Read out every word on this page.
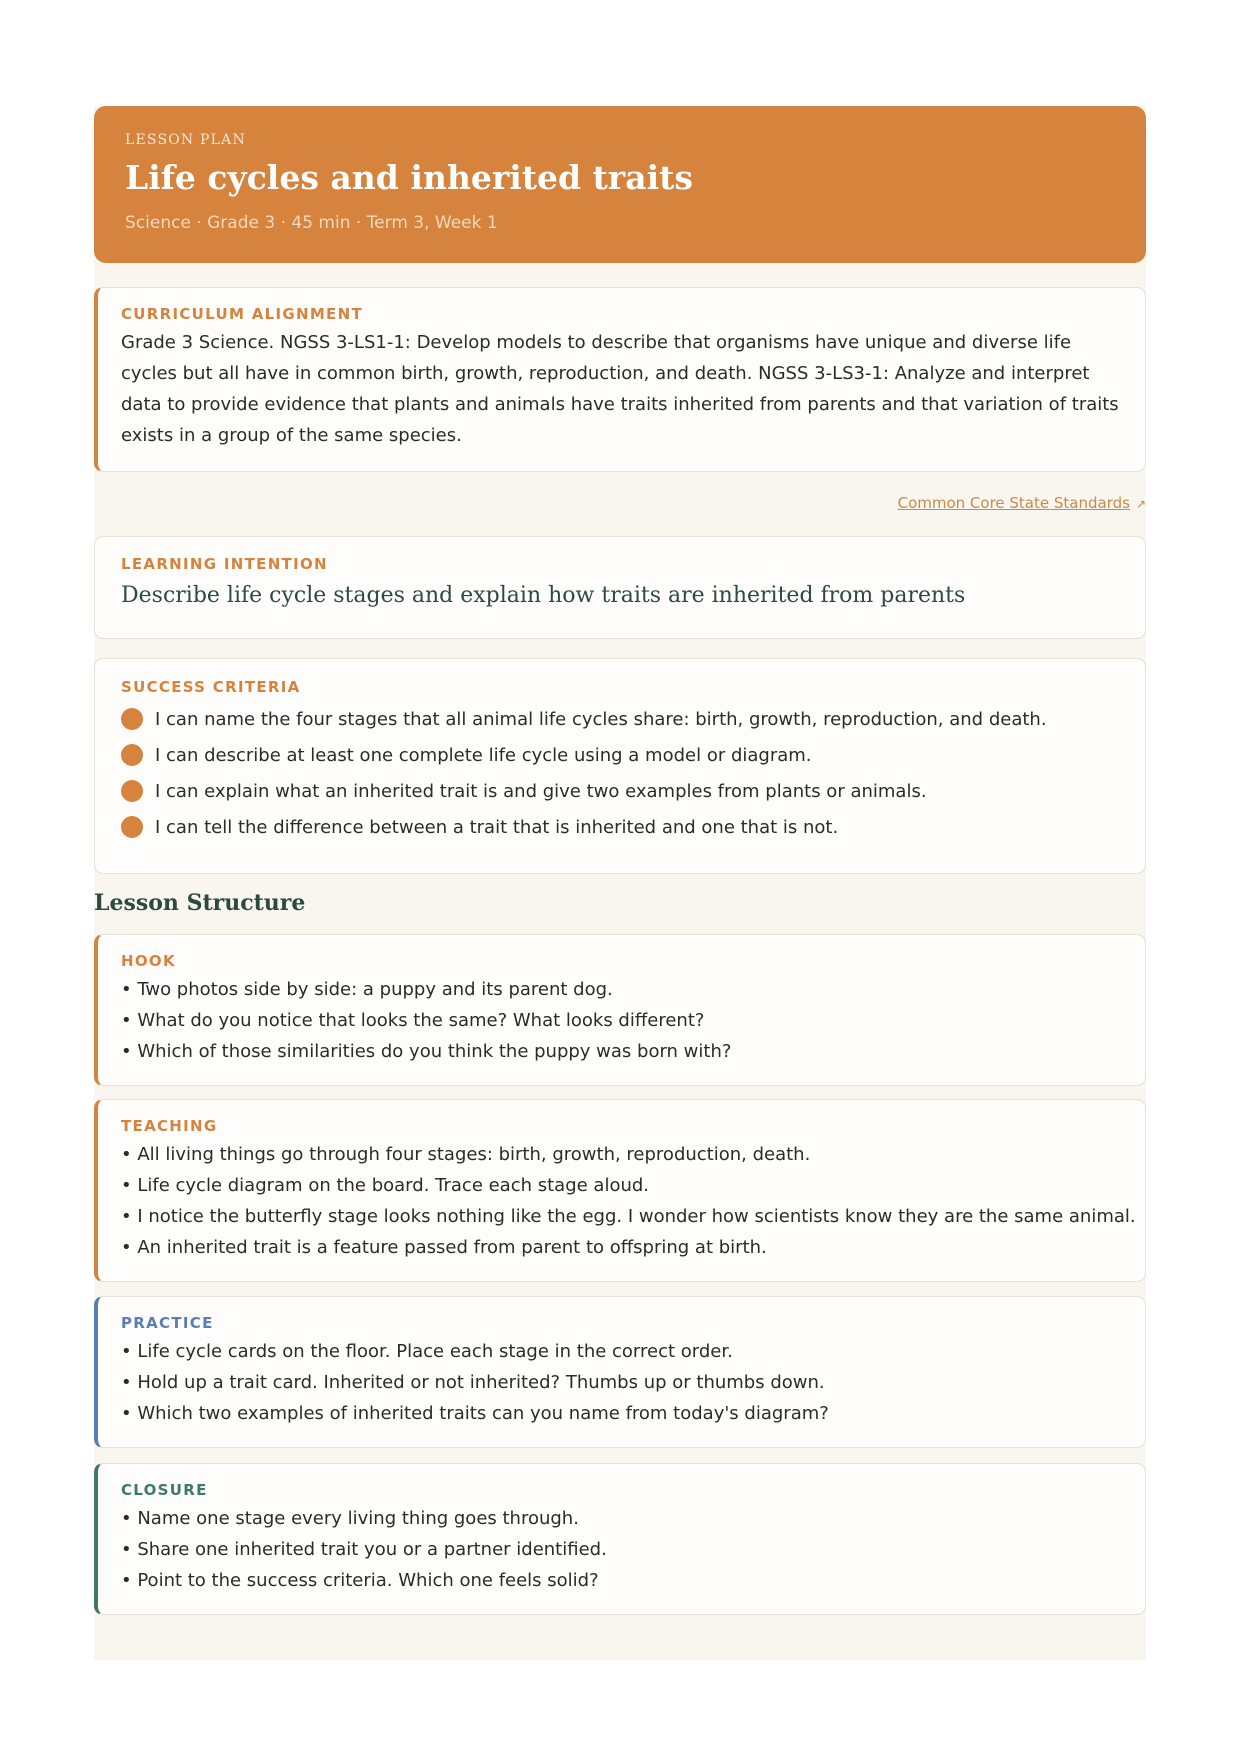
LESSON PLAN
Life cycles and inherited traits
Science · Grade 3 · 45 min · Term 3, Week 1
CURRICULUM ALIGNMENT
Grade 3 Science. NGSS 3-LS1-1: Develop models to describe that organisms have unique and diverse life cycles but all have in common birth, growth, reproduction, and death. NGSS 3-LS3-1: Analyze and interpret data to provide evidence that plants and animals have traits inherited from parents and that variation of traits exists in a group of the same species.
Common Core State Standards ↗
LEARNING INTENTION
Describe life cycle stages and explain how traits are inherited from parents
SUCCESS CRITERIA
I can name the four stages that all animal life cycles share: birth, growth, reproduction, and death.
I can describe at least one complete life cycle using a model or diagram.
I can explain what an inherited trait is and give two examples from plants or animals.
I can tell the difference between a trait that is inherited and one that is not.
Lesson Structure
HOOK
• Two photos side by side: a puppy and its parent dog.
• What do you notice that looks the same? What looks different?
• Which of those similarities do you think the puppy was born with?
TEACHING
• All living things go through four stages: birth, growth, reproduction, death.
• Life cycle diagram on the board. Trace each stage aloud.
• I notice the butterfly stage looks nothing like the egg. I wonder how scientists know they are the same animal.
• An inherited trait is a feature passed from parent to offspring at birth.
PRACTICE
• Life cycle cards on the floor. Place each stage in the correct order.
• Hold up a trait card. Inherited or not inherited? Thumbs up or thumbs down.
• Which two examples of inherited traits can you name from today's diagram?
CLOSURE
• Name one stage every living thing goes through.
• Share one inherited trait you or a partner identified.
• Point to the success criteria. Which one feels solid?
